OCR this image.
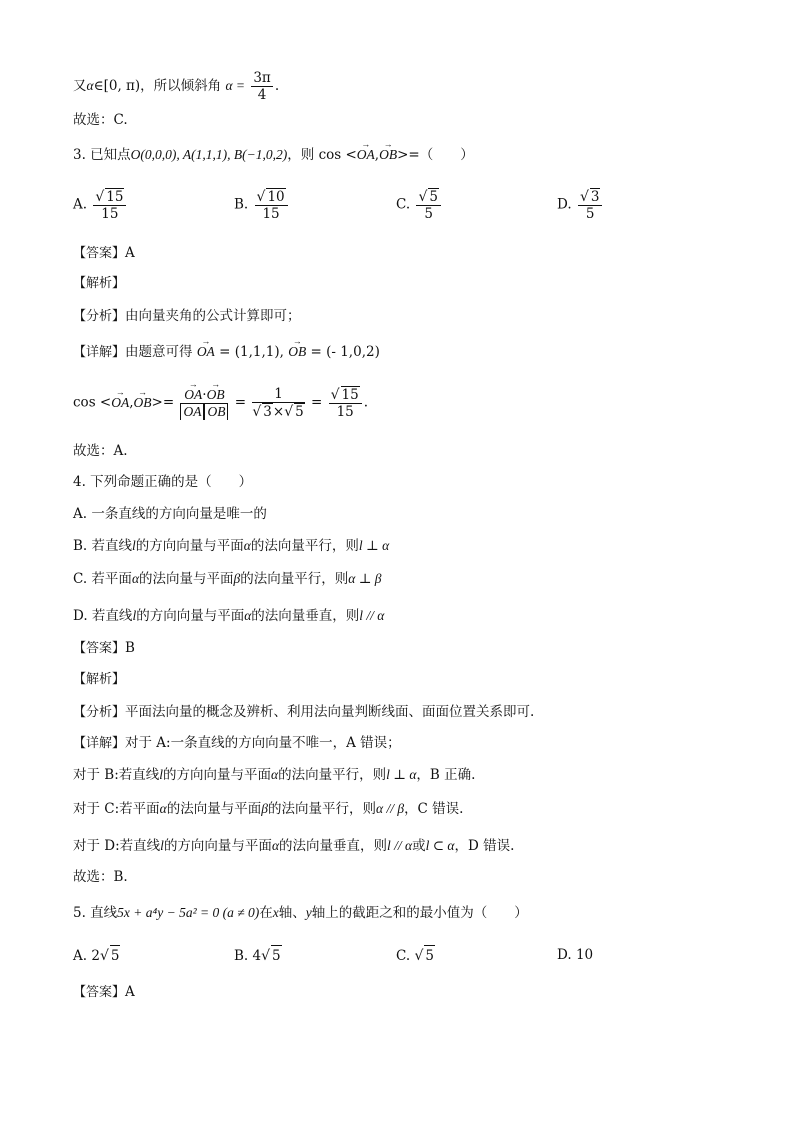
又α∈[0, π)，所以倾斜角 $\alpha = \frac{3\pi}{4}$ .
故选：C.
3. 已知点O(0,0,0), A(1,1,1), B(−1,0,2)，则 cos <→ OA,→ OB>=（　　）
A. $\frac{√ 15}{15}$	B. $\frac{√ 10}{15}$	C. $\frac{√ 5}{5}$	D. $\frac{√ 3}{5}$
【答案】A
【解析】
【分析】由向量夹角的公式计算即可；
【详解】由题意可得 → OA = (1,1,1), → OB = (- 1,0,2)
cos <→ OA,→ OB>=
→ $\frac{OA\cdot\to OB}{\text{OA OB}} = \frac{1}{√ 3\times√ 5} = \frac{√ 15}{15}$ .
故选：A.
4. 下列命题正确的是（　　）
A. 一条直线的方向向量是唯一的
B. 若直线l的方向向量与平面α的法向量平行，则l ⊥ α
C. 若平面α的法向量与平面β的法向量平行，则α ⊥ β
D. 若直线l的方向向量与平面α的法向量垂直，则l // α
【答案】B
【解析】
【分析】平面法向量的概念及辨析、利用法向量判断线面、面面位置关系即可.
【详解】对于 A:一条直线的方向向量不唯一，A 错误；
对于 B:若直线l的方向向量与平面α的法向量平行，则l ⊥ α，B 正确.
对于 C:若平面α的法向量与平面β的法向量平行，则α // β，C 错误.
对于 D:若直线l的方向向量与平面α的法向量垂直，则l // α或l ⊂ α，D 错误.
故选：B.
5. 直线5x + a⁴y − 5a² = 0 (a ≠ 0)在x轴、y轴上的截距之和的最小值为（　　）
A. 2√ 5	B. 4√ 5	C. √ 5	D. 10
【答案】A
